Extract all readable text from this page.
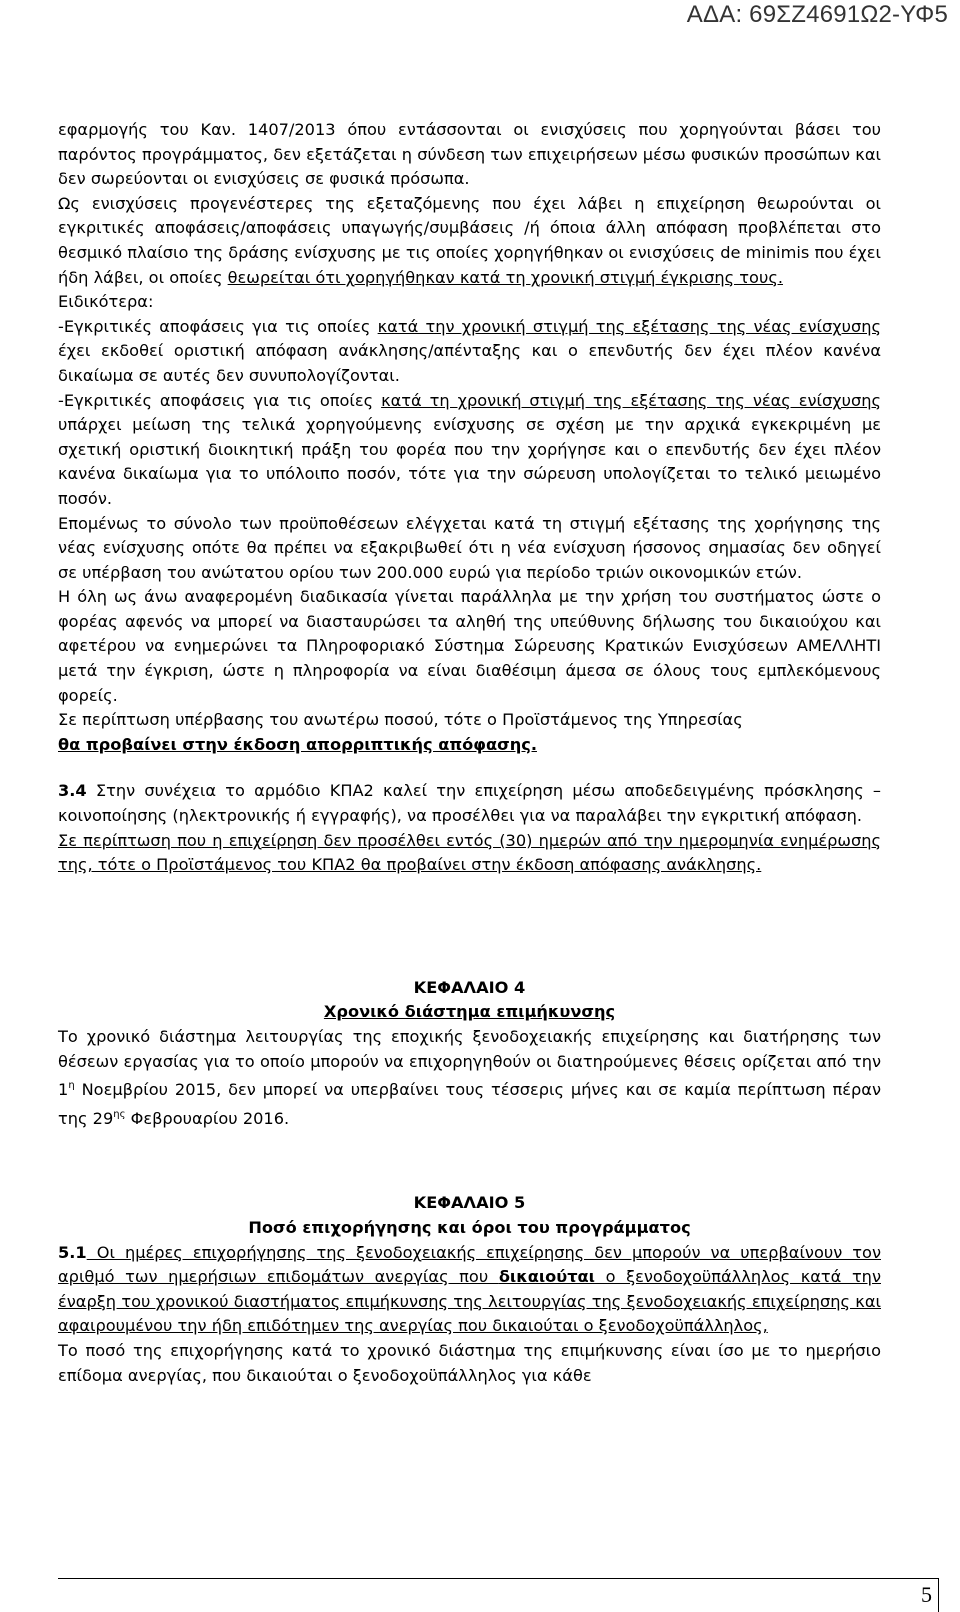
ΑΔΑ: 69ΣΖ4691Ω2-ΥΦ5

εφαρμογής του Καν. 1407/2013 όπου εντάσσονται οι ενισχύσεις που χορηγούνται βάσει του παρόντος προγράμματος, δεν εξετάζεται η σύνδεση των επιχειρήσεων μέσω φυσικών προσώπων και δεν σωρεύονται οι ενισχύσεις σε φυσικά πρόσωπα.

Ως ενισχύσεις προγενέστερες της εξεταζόμενης που έχει λάβει η επιχείρηση θεωρούνται οι εγκριτικές αποφάσεις/αποφάσεις υπαγωγής/συμβάσεις /ή όποια άλλη απόφαση προβλέπεται στο θεσμικό πλαίσιο της δράσης ενίσχυσης με τις οποίες χορηγήθηκαν οι ενισχύσεις de minimis που έχει ήδη λάβει, οι οποίες θεωρείται ότι χορηγήθηκαν κατά τη χρονική στιγμή έγκρισης τους.

Ειδικότερα:

-Εγκριτικές αποφάσεις για τις οποίες κατά την χρονική στιγμή της εξέτασης της νέας ενίσχυσης έχει εκδοθεί οριστική απόφαση ανάκλησης/απένταξης και ο επενδυτής δεν έχει πλέον κανένα δικαίωμα σε αυτές δεν συνυπολογίζονται.

-Εγκριτικές αποφάσεις για τις οποίες κατά τη χρονική στιγμή της εξέτασης της νέας ενίσχυσης υπάρχει μείωση της τελικά χορηγούμενης ενίσχυσης σε σχέση με την αρχικά εγκεκριμένη με σχετική οριστική διοικητική πράξη του φορέα που την χορήγησε και ο επενδυτής δεν έχει πλέον κανένα δικαίωμα για το υπόλοιπο ποσόν, τότε για την σώρευση υπολογίζεται το τελικό μειωμένο ποσόν.

Επομένως το σύνολο των προϋποθέσεων ελέγχεται κατά τη στιγμή εξέτασης της χορήγησης της νέας ενίσχυσης οπότε θα πρέπει να εξακριβωθεί ότι η νέα ενίσχυση ήσσονος σημασίας δεν οδηγεί σε υπέρβαση του ανώτατου ορίου των 200.000 ευρώ για περίοδο τριών οικονομικών ετών.

Η όλη ως άνω αναφερομένη διαδικασία γίνεται παράλληλα με την χρήση του συστήματος ώστε ο φορέας αφενός να μπορεί να διασταυρώσει τα αληθή της υπεύθυνης δήλωσης του δικαιούχου και αφετέρου να ενημερώνει τα Πληροφοριακό Σύστημα Σώρευσης Κρατικών Ενισχύσεων ΑΜΕΛΛΗΤΙ μετά την έγκριση, ώστε η πληροφορία να είναι διαθέσιμη άμεσα σε όλους τους εμπλεκόμενους φορείς.

Σε περίπτωση υπέρβασης του ανωτέρω ποσού, τότε ο Προϊστάμενος της Υπηρεσίας

θα προβαίνει στην έκδοση απορριπτικής απόφασης.

3.4 Στην συνέχεια το αρμόδιο ΚΠΑ2 καλεί την επιχείρηση μέσω αποδεδειγμένης πρόσκλησης – κοινοποίησης (ηλεκτρονικής ή εγγραφής), να προσέλθει για να παραλάβει την εγκριτική απόφαση.

Σε περίπτωση που η επιχείρηση δεν προσέλθει εντός (30) ημερών από την ημερομηνία ενημέρωσης της, τότε ο Προϊστάμενος του ΚΠΑ2 θα προβαίνει στην έκδοση απόφασης ανάκλησης.

ΚΕΦΑΛΑΙΟ 4

Χρονικό διάστημα επιμήκυνσης

Το χρονικό διάστημα λειτουργίας της εποχικής ξενοδοχειακής επιχείρησης και διατήρησης των θέσεων εργασίας για το οποίο μπορούν να επιχορηγηθούν οι διατηρούμενες θέσεις ορίζεται από την $1^\eta$ Νοεμβρίου 2015, δεν μπορεί να υπερβαίνει τους τέσσερις μήνες και σε καμία περίπτωση πέραν της $29^{\eta\varsigma}$ Φεβρουαρίου 2016.

ΚΕΦΑΛΑΙΟ 5

Ποσό επιχορήγησης και όροι του προγράμματος

5.1 Οι ημέρες επιχορήγησης της ξενοδοχειακής επιχείρησης δεν μπορούν να υπερβαίνουν τον αριθμό των ημερήσιων επιδομάτων ανεργίας που δικαιούται ο ξενοδοχοϋπάλληλος κατά την έναρξη του χρονικού διαστήματος επιμήκυνσης της λειτουργίας της ξενοδοχειακής επιχείρησης και αφαιρουμένου την ήδη επιδότημεν της ανεργίας που δικαιούται ο ξενοδοχοϋπάλληλος,

Το ποσό της επιχορήγησης κατά το χρονικό διάστημα της επιμήκυνσης είναι ίσο με το ημερήσιο επίδομα ανεργίας, που δικαιούται ο ξενοδοχοϋπάλληλος για κάθε

5
